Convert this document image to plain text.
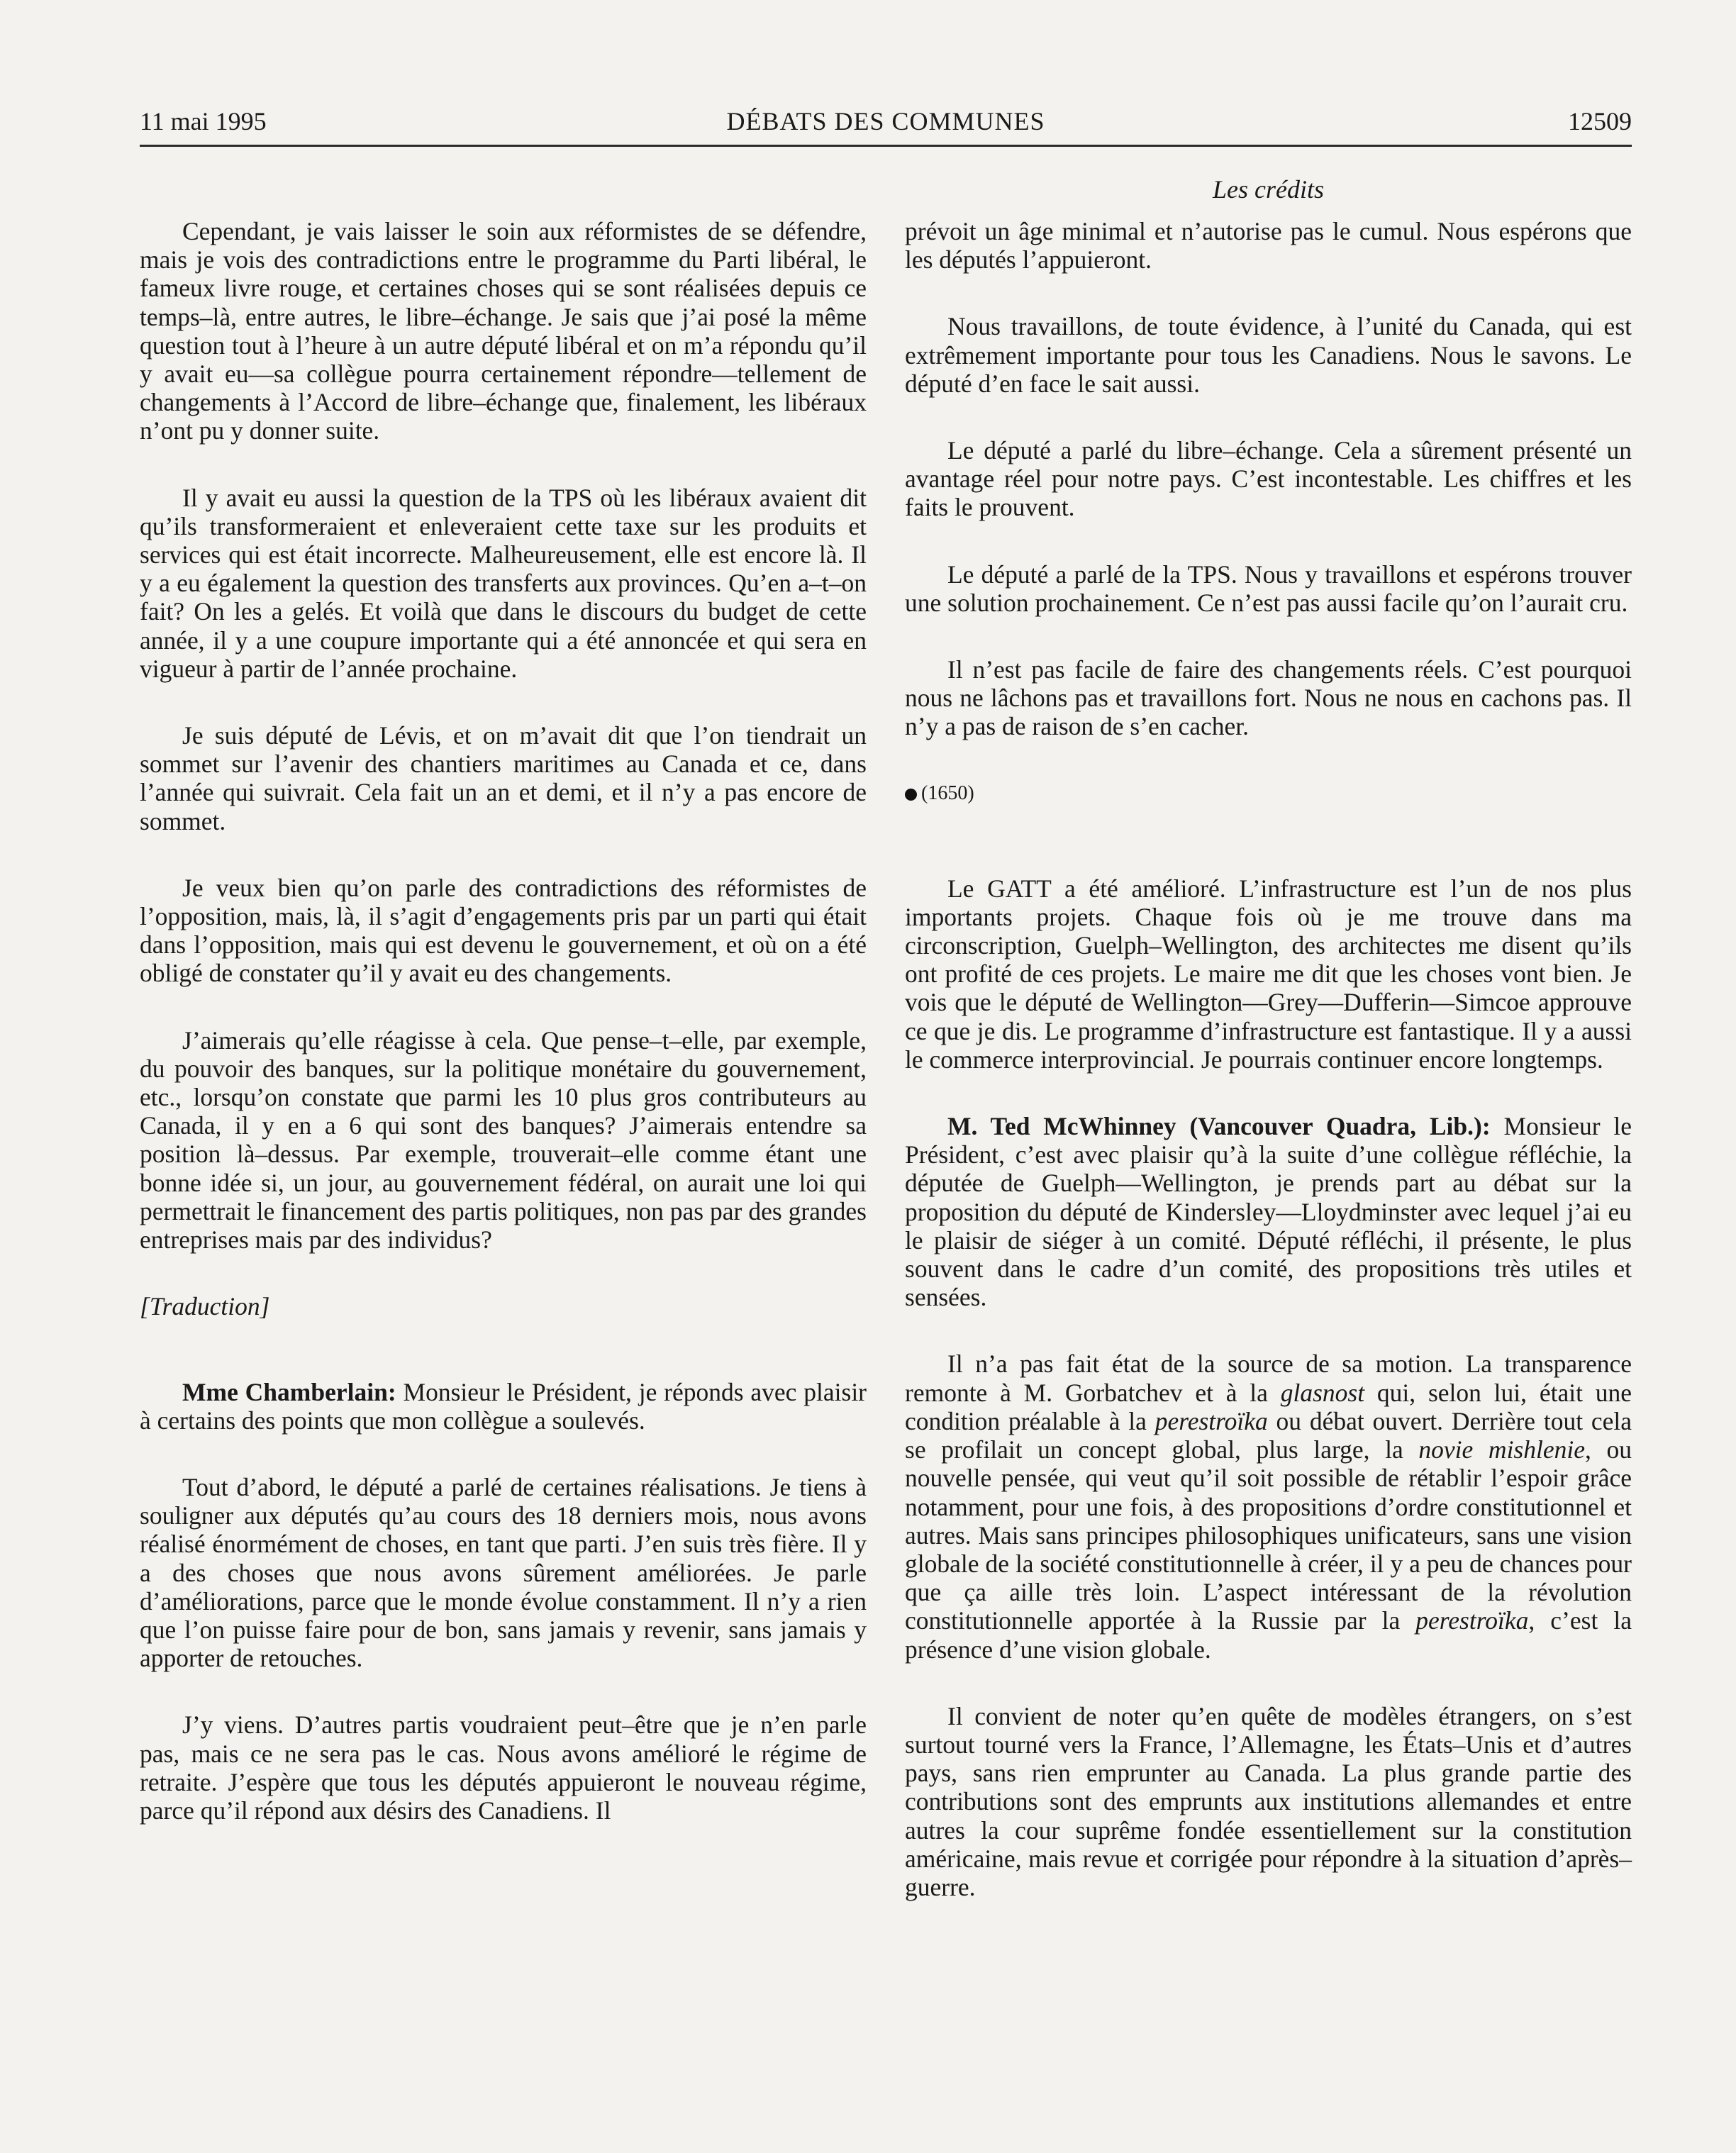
11 mai 1995	DÉBATS DES COMMUNES	12509
Les crédits

Cependant, je vais laisser le soin aux réformistes de se défendre, mais je vois des contradictions entre le programme du Parti libéral, le fameux livre rouge, et certaines choses qui se sont réalisées depuis ce temps–là, entre autres, le libre–échange. Je sais que j’ai posé la même question tout à l’heure à un autre député libéral et on m’a répondu qu’il y avait eu—sa collègue pourra certainement répondre—tellement de changements à l’Accord de libre–échange que, finalement, les libéraux n’ont pu y donner suite.

Il y avait eu aussi la question de la TPS où les libéraux avaient dit qu’ils transformeraient et enleveraient cette taxe sur les produits et services qui est était incorrecte. Malheureusement, elle est encore là. Il y a eu également la question des transferts aux provinces. Qu’en a–t–on fait? On les a gelés. Et voilà que dans le discours du budget de cette année, il y a une coupure importante qui a été annoncée et qui sera en vigueur à partir de l’année prochaine.

Je suis député de Lévis, et on m’avait dit que l’on tiendrait un sommet sur l’avenir des chantiers maritimes au Canada et ce, dans l’année qui suivrait. Cela fait un an et demi, et il n’y a pas encore de sommet.

Je veux bien qu’on parle des contradictions des réformistes de l’opposition, mais, là, il s’agit d’engagements pris par un parti qui était dans l’opposition, mais qui est devenu le gouvernement, et où on a été obligé de constater qu’il y avait eu des changements.

J’aimerais qu’elle réagisse à cela. Que pense–t–elle, par exemple, du pouvoir des banques, sur la politique monétaire du gouvernement, etc., lorsqu’on constate que parmi les 10 plus gros contributeurs au Canada, il y en a 6 qui sont des banques? J’aimerais entendre sa position là–dessus. Par exemple, trouverait–elle comme étant une bonne idée si, un jour, au gouvernement fédéral, on aurait une loi qui permettrait le financement des partis politiques, non pas par des grandes entreprises mais par des individus?

[Traduction]

Mme Chamberlain: Monsieur le Président, je réponds avec plaisir à certains des points que mon collègue a soulevés.

Tout d’abord, le député a parlé de certaines réalisations. Je tiens à souligner aux députés qu’au cours des 18 derniers mois, nous avons réalisé énormément de choses, en tant que parti. J’en suis très fière. Il y a des choses que nous avons sûrement améliorées. Je parle d’améliorations, parce que le monde évolue constamment. Il n’y a rien que l’on puisse faire pour de bon, sans jamais y revenir, sans jamais y apporter de retouches.

J’y viens. D’autres partis voudraient peut–être que je n’en parle pas, mais ce ne sera pas le cas. Nous avons amélioré le régime de retraite. J’espère que tous les députés appuieront le nouveau régime, parce qu’il répond aux désirs des Canadiens. Il

prévoit un âge minimal et n’autorise pas le cumul. Nous espérons que les députés l’appuieront.

Nous travaillons, de toute évidence, à l’unité du Canada, qui est extrêmement importante pour tous les Canadiens. Nous le savons. Le député d’en face le sait aussi.

Le député a parlé du libre–échange. Cela a sûrement présenté un avantage réel pour notre pays. C’est incontestable. Les chiffres et les faits le prouvent.

Le député a parlé de la TPS. Nous y travaillons et espérons trouver une solution prochainement. Ce n’est pas aussi facile qu’on l’aurait cru.

Il n’est pas facile de faire des changements réels. C’est pourquoi nous ne lâchons pas et travaillons fort. Nous ne nous en cachons pas. Il n’y a pas de raison de s’en cacher.

(1650)

Le GATT a été amélioré. L’infrastructure est l’un de nos plus importants projets. Chaque fois où je me trouve dans ma circonscription, Guelph–Wellington, des architectes me disent qu’ils ont profité de ces projets. Le maire me dit que les choses vont bien. Je vois que le député de Wellington—Grey—Dufferin—Simcoe approuve ce que je dis. Le programme d’infrastructure est fantastique. Il y a aussi le commerce interprovincial. Je pourrais continuer encore longtemps.

M. Ted McWhinney (Vancouver Quadra, Lib.): Monsieur le Président, c’est avec plaisir qu’à la suite d’une collègue réfléchie, la députée de Guelph—Wellington, je prends part au débat sur la proposition du député de Kindersley—Lloydminster avec lequel j’ai eu le plaisir de siéger à un comité. Député réfléchi, il présente, le plus souvent dans le cadre d’un comité, des propositions très utiles et sensées.

Il n’a pas fait état de la source de sa motion. La transparence remonte à M. Gorbatchev et à la glasnost qui, selon lui, était une condition préalable à la perestroïka ou débat ouvert. Derrière tout cela se profilait un concept global, plus large, la novie mishlenie, ou nouvelle pensée, qui veut qu’il soit possible de rétablir l’espoir grâce notamment, pour une fois, à des propositions d’ordre constitutionnel et autres. Mais sans principes philosophiques unificateurs, sans une vision globale de la société constitutionnelle à créer, il y a peu de chances pour que ça aille très loin. L’aspect intéressant de la révolution constitutionnelle apportée à la Russie par la perestroïka, c’est la présence d’une vision globale.

Il convient de noter qu’en quête de modèles étrangers, on s’est surtout tourné vers la France, l’Allemagne, les États–Unis et d’autres pays, sans rien emprunter au Canada. La plus grande partie des contributions sont des emprunts aux institutions allemandes et entre autres la cour suprême fondée essentiellement sur la constitution américaine, mais revue et corrigée pour répondre à la situation d’après–guerre.
